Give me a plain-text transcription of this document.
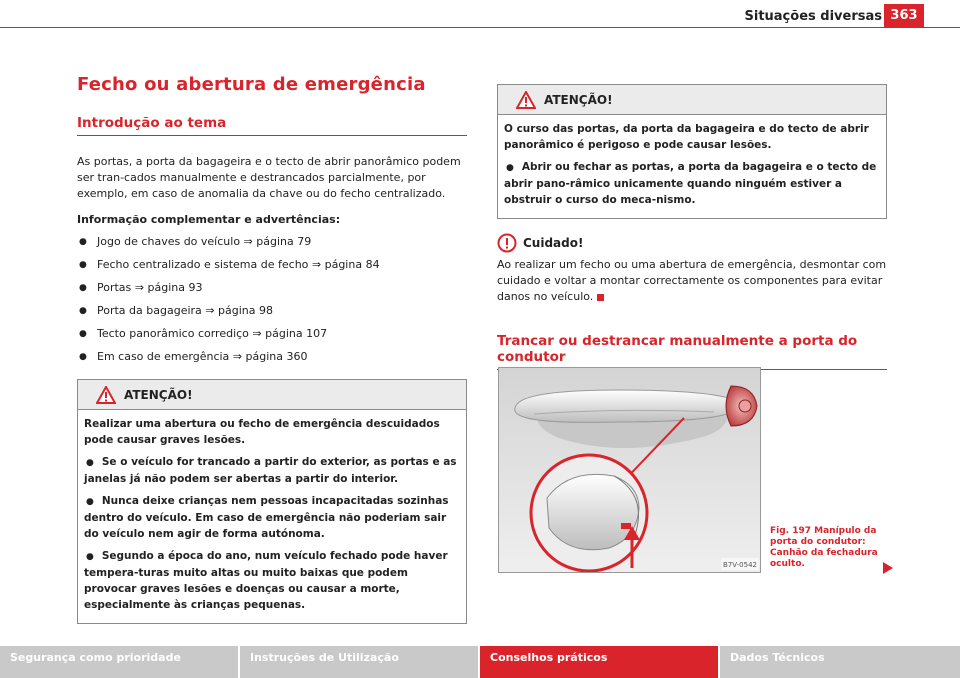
Situações diversas 363
Fecho ou abertura de emergência
Introdução ao tema

As portas, a porta da bagageira e o tecto de abrir panorâmico podem ser tran-cados manualmente e destrancados parcialmente, por exemplo, em caso de anomalia da chave ou do fecho centralizado.

Informação complementar e advertências:

● Jogo de chaves do veículo ⇒ página 79
● Fecho centralizado e sistema de fecho ⇒ página 84
● Portas ⇒ página 93
● Porta da bagageira ⇒ página 98
● Tecto panorâmico corrediço ⇒ página 107
● Em caso de emergência ⇒ página 360
ATENÇÃO!

Realizar uma abertura ou fecho de emergência descuidados pode causar graves lesões.

● Se o veículo for trancado a partir do exterior, as portas e as janelas já não podem ser abertas a partir do interior.

● Nunca deixe crianças nem pessoas incapacitadas sozinhas dentro do veículo. Em caso de emergência não poderiam sair do veículo nem agir de forma autónoma.

● Segundo a época do ano, num veículo fechado pode haver tempera-turas muito altas ou muito baixas que podem provocar graves lesões e doenças ou causar a morte, especialmente às crianças pequenas.

ATENÇÃO!

O curso das portas, da porta da bagageira e do tecto de abrir panorâmico é perigoso e pode causar lesões.

● Abrir ou fechar as portas, a porta da bagageira e o tecto de abrir pano-râmico unicamente quando ninguém estiver a obstruir o curso do meca-nismo.

Cuidado!

Ao realizar um fecho ou uma abertura de emergência, desmontar com cuidado e voltar a montar correctamente os componentes para evitar danos no veículo.

Trancar ou destrancar manualmente a porta do condutor
B7V-0542
Fig. 197 Manípulo da
porta do condutor:
Canhão da fechadura
oculto.
Segurança como prioridade	Instruções de Utilização	Conselhos práticos	Dados Técnicos
